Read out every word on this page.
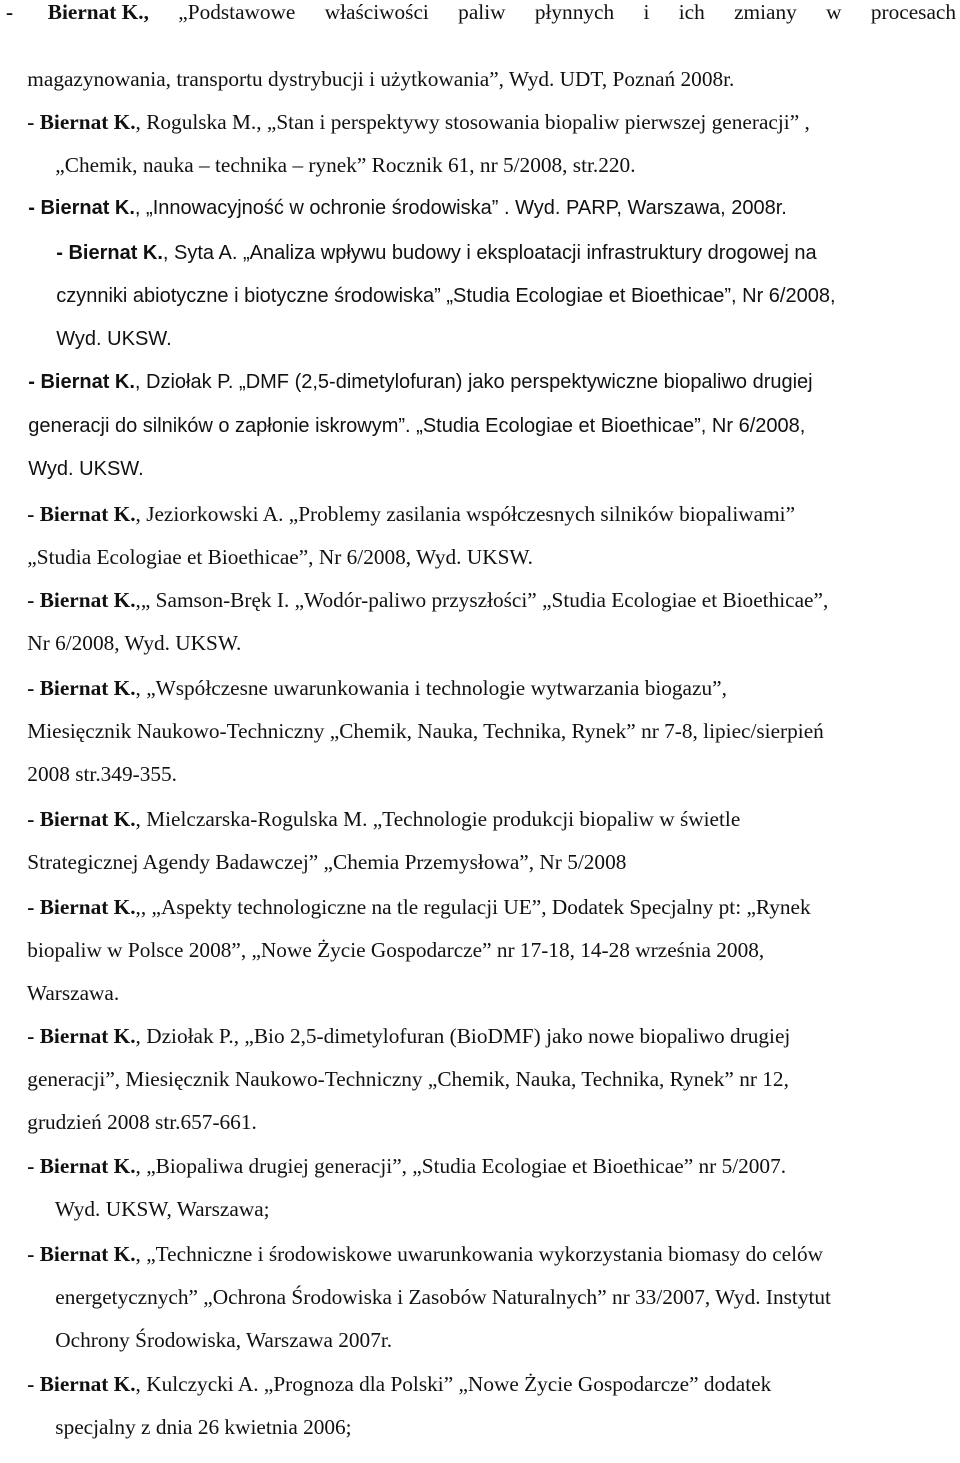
- Biernat K., „Podstawowe właściwości paliw płynnych i ich zmiany w procesach

magazynowania, transportu dystrybucji i użytkowania”, Wyd. UDT, Poznań 2008r.

- Biernat K., Rogulska M., „Stan i perspektywy stosowania biopaliw pierwszej generacji” ,

„Chemik, nauka – technika – rynek” Rocznik 61, nr 5/2008, str.220.

- Biernat K., „Innowacyjność w ochronie środowiska” . Wyd. PARP, Warszawa, 2008r.

- Biernat K., Syta A. „Analiza wpływu budowy i eksploatacji infrastruktury drogowej na

czynniki abiotyczne i biotyczne środowiska” „Studia Ecologiae et Bioethicae”, Nr 6/2008,

Wyd. UKSW.

- Biernat K., Dziołak P. „DMF (2,5-dimetylofuran) jako perspektywiczne biopaliwo drugiej

generacji do silników o zapłonie iskrowym”. „Studia Ecologiae et Bioethicae”, Nr 6/2008,

Wyd. UKSW.

- Biernat K., Jeziorkowski A. „Problemy zasilania współczesnych silników biopaliwami”

„Studia Ecologiae et Bioethicae”, Nr 6/2008, Wyd. UKSW.

- Biernat K.,„ Samson-Bręk I. „Wodór-paliwo przyszłości” „Studia Ecologiae et Bioethicae”,

Nr 6/2008, Wyd. UKSW.

- Biernat K., „Współczesne uwarunkowania i technologie wytwarzania biogazu”,

Miesięcznik Naukowo-Techniczny „Chemik, Nauka, Technika, Rynek” nr 7-8, lipiec/sierpień

2008 str.349-355.

- Biernat K., Mielczarska-Rogulska M. „Technologie produkcji biopaliw w świetle

Strategicznej Agendy Badawczej” „Chemia Przemysłowa”, Nr 5/2008

- Biernat K.,, „Aspekty technologiczne na tle regulacji UE”, Dodatek Specjalny pt: „Rynek

biopaliw w Polsce 2008”, „Nowe Życie Gospodarcze” nr 17-18, 14-28 września 2008,

Warszawa.

- Biernat K., Dziołak P., „Bio 2,5-dimetylofuran (BioDMF) jako nowe biopaliwo drugiej

generacji”, Miesięcznik Naukowo-Techniczny „Chemik, Nauka, Technika, Rynek” nr 12,

grudzień 2008 str.657-661.

- Biernat K., „Biopaliwa drugiej generacji”, „Studia Ecologiae et Bioethicae” nr 5/2007.

Wyd. UKSW, Warszawa;

- Biernat K., „Techniczne i środowiskowe uwarunkowania wykorzystania biomasy do celów

energetycznych” „Ochrona Środowiska i Zasobów Naturalnych” nr 33/2007, Wyd. Instytut

Ochrony Środowiska, Warszawa 2007r.

- Biernat K., Kulczycki A. „Prognoza dla Polski” „Nowe Życie Gospodarcze” dodatek

specjalny z dnia 26 kwietnia 2006;
